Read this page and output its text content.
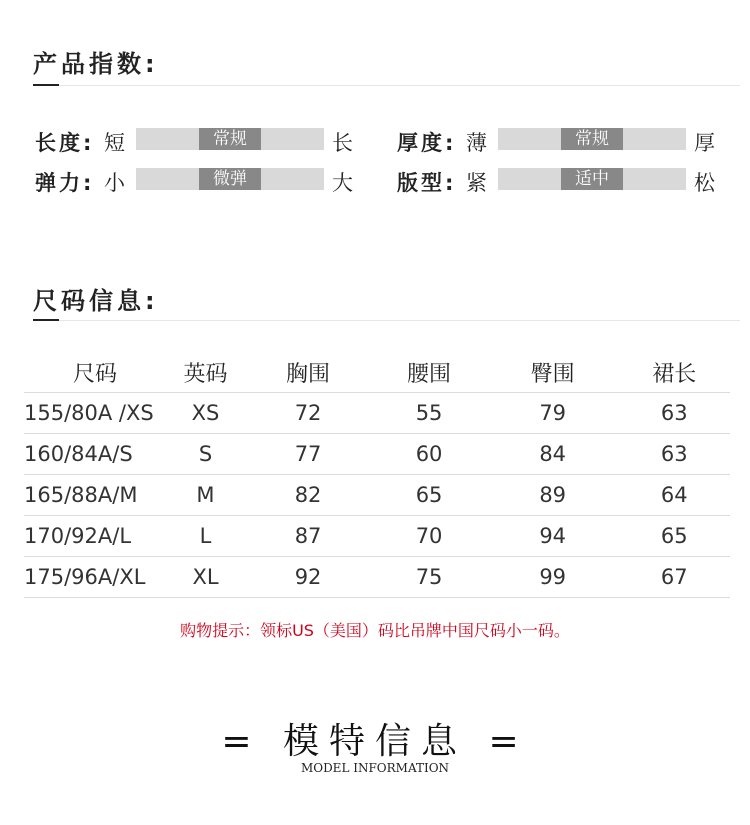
产品指数:
长度: 短	常规	长 厚度: 薄	常规	厚
弹力: 小	微弹	大 版型: 紧	适中	松
尺码信息:
尺码	英码	胸围	腰围	臀围	裙长
155/80A /XS	XS	72	55	79	63
160/84A/S	S	77	60	84	63
165/88A/M	M	82	65	89	64
170/92A/L	L	87	70	94	65
175/96A/XL	XL	92	75	99	67
购物提示：领标US（美国）码比吊牌中国尺码小一码。
= 模特信息 =
MODEL INFORMATION
